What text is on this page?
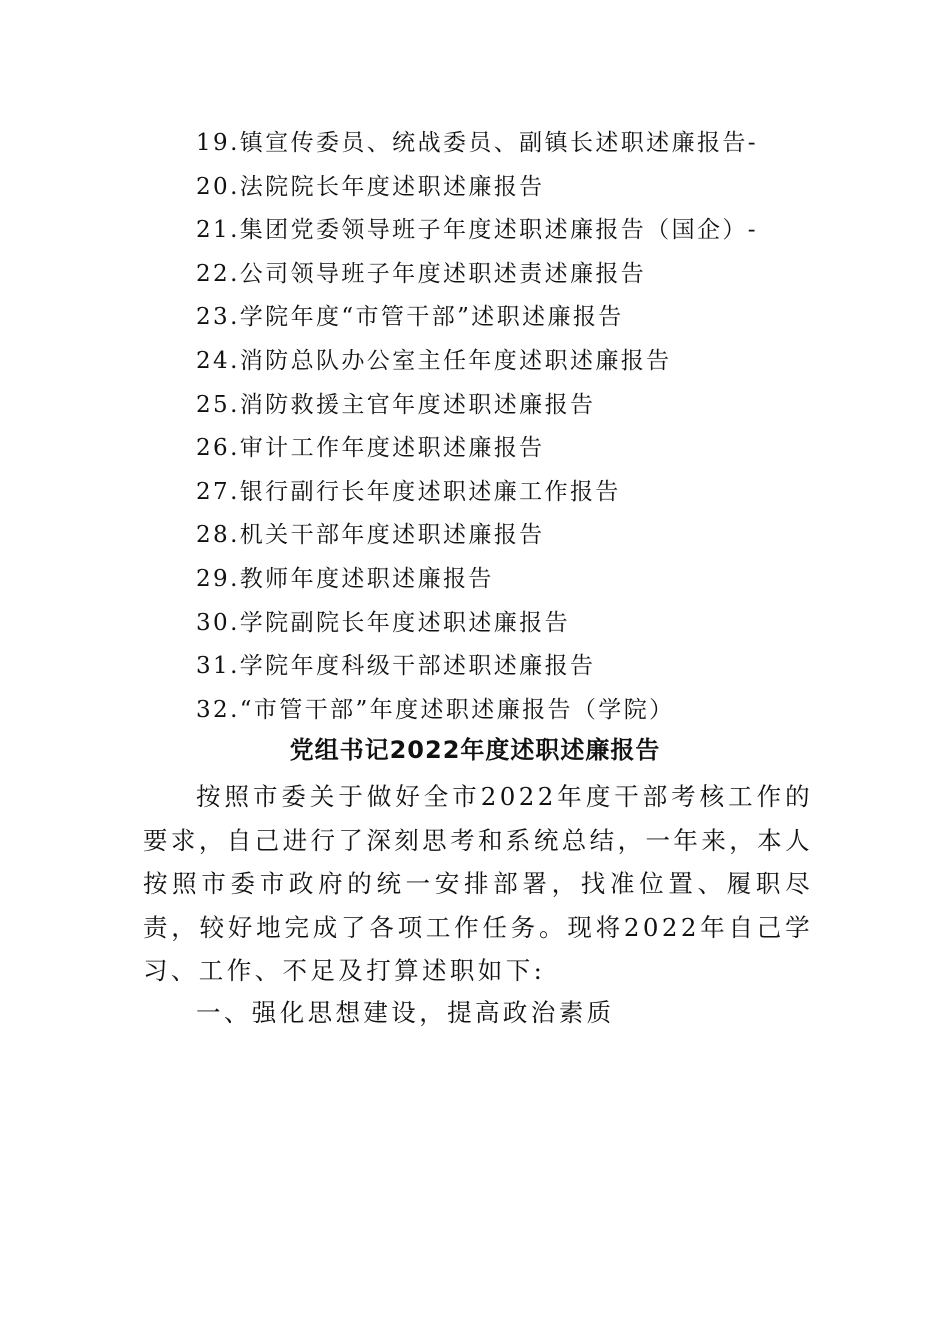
19.镇宣传委员、统战委员、副镇长述职述廉报告-
20.法院院长年度述职述廉报告
21.集团党委领导班子年度述职述廉报告（国企）-
22.公司领导班子年度述职述责述廉报告
23.学院年度“市管干部”述职述廉报告
24.消防总队办公室主任年度述职述廉报告
25.消防救援主官年度述职述廉报告
26.审计工作年度述职述廉报告
27.银行副行长年度述职述廉工作报告
28.机关干部年度述职述廉报告
29.教师年度述职述廉报告
30.学院副院长年度述职述廉报告
31.学院年度科级干部述职述廉报告
32.“市管干部”年度述职述廉报告（学院）
党组书记2022年度述职述廉报告

按照市委关于做好全市2022年度干部考核工作的要求，自己进行了深刻思考和系统总结，一年来，本人按照市委市政府的统一安排部署，找准位置、履职尽责，较好地完成了各项工作任务。现将2022年自己学习、工作、不足及打算述职如下:

一、强化思想建设，提高政治素质
